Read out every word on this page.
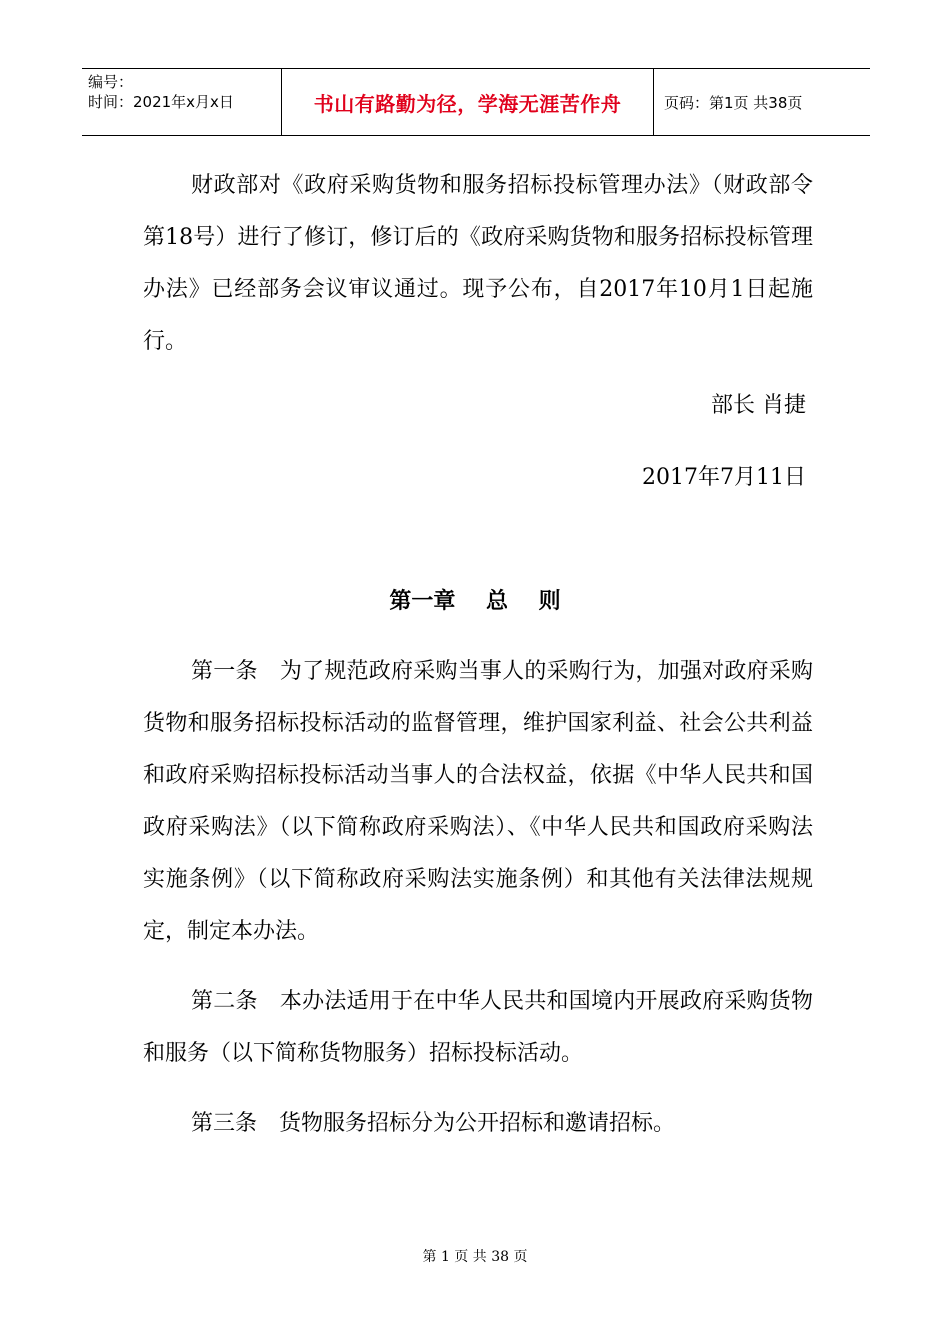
编号：
时间：2021年x月x日	书山有路勤为径，学海无涯苦作舟	页码：第1页 共38页

财政部对《政府采购货物和服务招标投标管理办法》（财政部令第18号）进行了修订，修订后的《政府采购货物和服务招标投标管理办法》已经部务会议审议通过。现予公布，自2017年10月1日起施行。

部长 肖捷
2017年7月11日
第一章    总    则

第一条　为了规范政府采购当事人的采购行为，加强对政府采购货物和服务招标投标活动的监督管理，维护国家利益、社会公共利益和政府采购招标投标活动当事人的合法权益，依据《中华人民共和国政府采购法》（以下简称政府采购法）、《中华人民共和国政府采购法实施条例》（以下简称政府采购法实施条例）和其他有关法律法规规定，制定本办法。

第二条　本办法适用于在中华人民共和国境内开展政府采购货物和服务（以下简称货物服务）招标投标活动。

第三条　货物服务招标分为公开招标和邀请招标。

第 1 页 共 38 页
